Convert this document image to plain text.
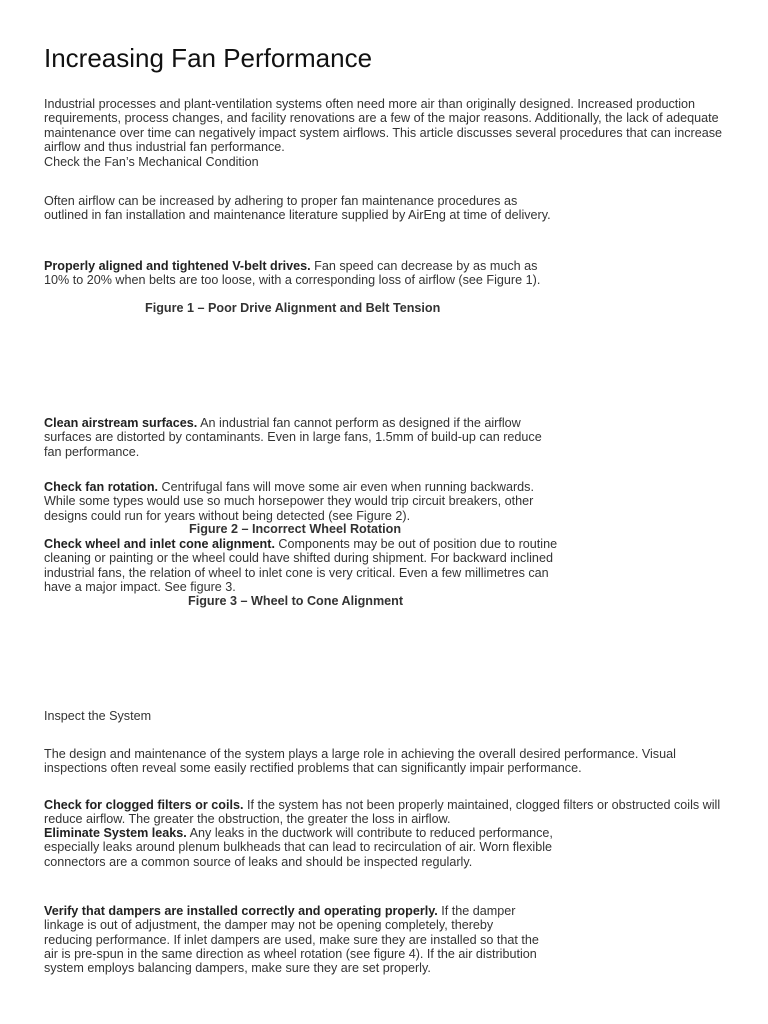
Increasing Fan Performance

Industrial processes and plant-ventilation systems often need more air than originally designed. Increased production requirements, process changes, and facility renovations are a few of the major reasons. Additionally, the lack of adequate maintenance over time can negatively impact system airflows. This article discusses several procedures that can increase airflow and thus industrial fan performance.

Check the Fan’s Mechanical Condition

Often airflow can be increased by adhering to proper fan maintenance procedures as outlined in fan installation and maintenance literature supplied by AirEng at time of delivery.

Properly aligned and tightened V-belt drives. Fan speed can decrease by as much as 10% to 20% when belts are too loose, with a corresponding loss of airflow (see Figure 1).

Figure 1 – Poor Drive Alignment and Belt Tension

Clean airstream surfaces. An industrial fan cannot perform as designed if the airflow surfaces are distorted by contaminants. Even in large fans, 1.5mm of build-up can reduce fan performance.

Check fan rotation. Centrifugal fans will move some air even when running backwards. While some types would use so much horsepower they would trip circuit breakers, other designs could run for years without being detected (see Figure 2).

Figure 2 – Incorrect Wheel Rotation

Check wheel and inlet cone alignment. Components may be out of position due to routine cleaning or painting or the wheel could have shifted during shipment. For backward inclined industrial fans, the relation of wheel to inlet cone is very critical. Even a few millimetres can have a major impact. See figure 3.

Figure 3 – Wheel to Cone Alignment

Inspect the System

The design and maintenance of the system plays a large role in achieving the overall desired performance. Visual inspections often reveal some easily rectified problems that can significantly impair performance.

Check for clogged filters or coils. If the system has not been properly maintained, clogged filters or obstructed coils will reduce airflow. The greater the obstruction, the greater the loss in airflow.

Eliminate System leaks. Any leaks in the ductwork will contribute to reduced performance, especially leaks around plenum bulkheads that can lead to recirculation of air. Worn flexible connectors are a common source of leaks and should be inspected regularly.

Verify that dampers are installed correctly and operating properly. If the damper linkage is out of adjustment, the damper may not be opening completely, thereby reducing performance. If inlet dampers are used, make sure they are installed so that the air is pre-spun in the same direction as wheel rotation (see figure 4). If the air distribution system employs balancing dampers, make sure they are set properly.
